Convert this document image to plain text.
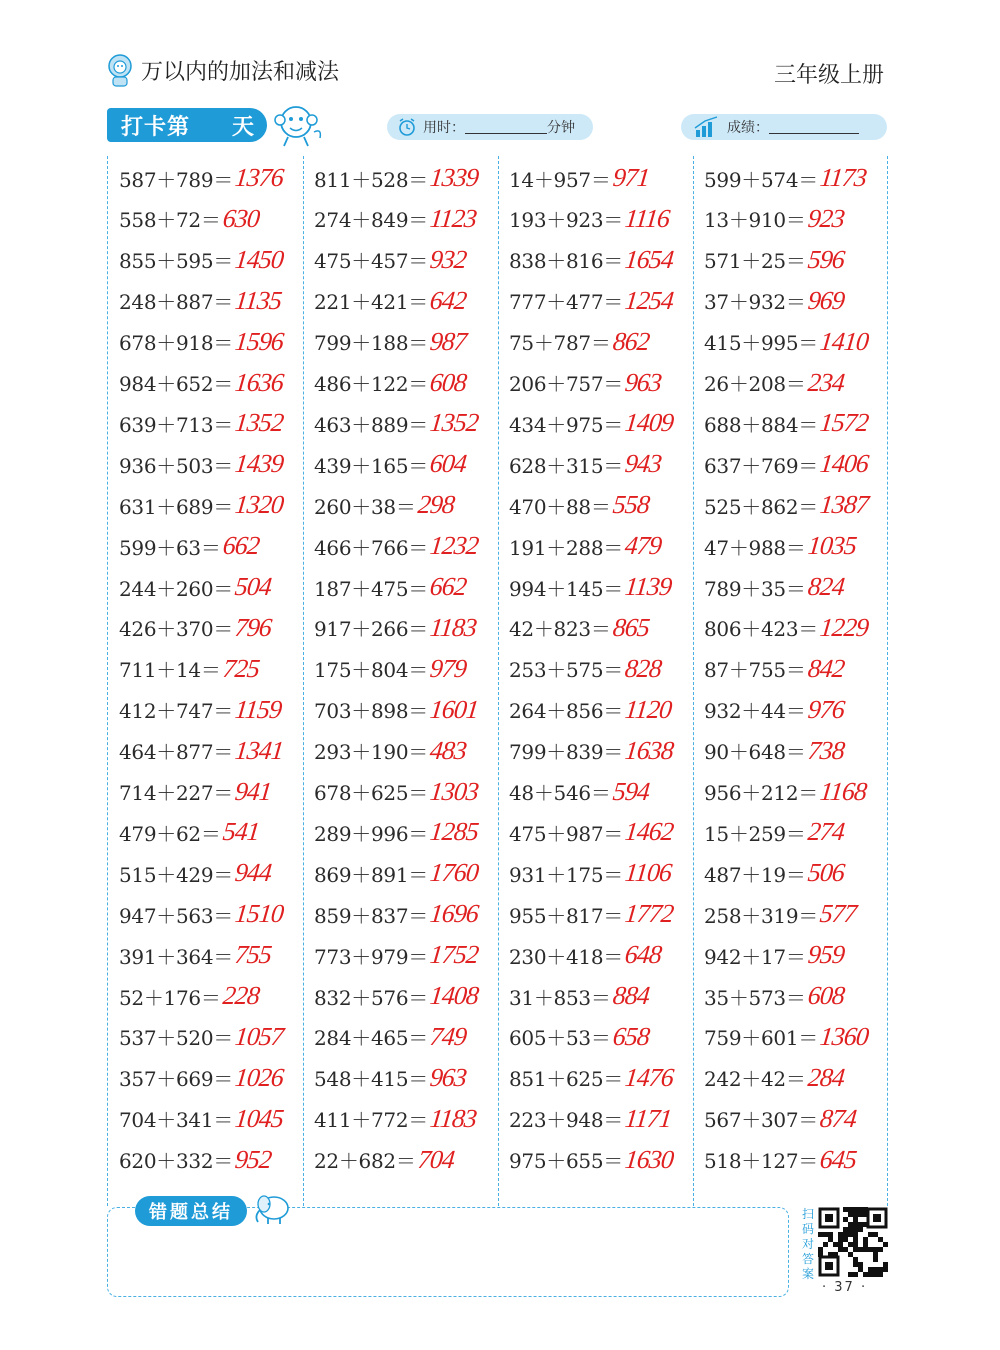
万以内的加法和减法	三年级上册
打卡第 天	用时：	分钟	成绩：
587＋789＝ 1376
558＋72＝ 630
855＋595＝ 1450
248＋887＝ 1135
678＋918＝ 1596
984＋652＝ 1636
639＋713＝ 1352
936＋503＝ 1439
631＋689＝ 1320
599＋63＝ 662
244＋260＝ 504
426＋370＝ 796
711＋14＝ 725
412＋747＝ 1159
464＋877＝ 1341
714＋227＝ 941
479＋62＝ 541
515＋429＝ 944
947＋563＝ 1510
391＋364＝ 755
52＋176＝ 228
537＋520＝ 1057
357＋669＝ 1026
704＋341＝ 1045
620＋332＝ 952
811＋528＝ 1339
274＋849＝ 1123
475＋457＝ 932
221＋421＝ 642
799＋188＝ 987
486＋122＝ 608
463＋889＝ 1352
439＋165＝ 604
260＋38＝ 298
466＋766＝ 1232
187＋475＝ 662
917＋266＝ 1183
175＋804＝ 979
703＋898＝ 1601
293＋190＝ 483
678＋625＝ 1303
289＋996＝ 1285
869＋891＝ 1760
859＋837＝ 1696
773＋979＝ 1752
832＋576＝ 1408
284＋465＝ 749
548＋415＝ 963
411＋772＝ 1183
22＋682＝ 704
14＋957＝ 971
193＋923＝ 1116
838＋816＝ 1654
777＋477＝ 1254
75＋787＝ 862
206＋757＝ 963
434＋975＝ 1409
628＋315＝ 943
470＋88＝ 558
191＋288＝ 479
994＋145＝ 1139
42＋823＝ 865
253＋575＝ 828
264＋856＝ 1120
799＋839＝ 1638
48＋546＝ 594
475＋987＝ 1462
931＋175＝ 1106
955＋817＝ 1772
230＋418＝ 648
31＋853＝ 884
605＋53＝ 658
851＋625＝ 1476
223＋948＝ 1171
975＋655＝ 1630
599＋574＝ 1173
13＋910＝ 923
571＋25＝ 596
37＋932＝ 969
415＋995＝ 1410
26＋208＝ 234
688＋884＝ 1572
637＋769＝ 1406
525＋862＝ 1387
47＋988＝ 1035
789＋35＝ 824
806＋423＝ 1229
87＋755＝ 842
932＋44＝ 976
90＋648＝ 738
956＋212＝ 1168
15＋259＝ 274
487＋19＝ 506
258＋319＝ 577
942＋17＝ 959
35＋573＝ 608
759＋601＝ 1360
242＋42＝ 284
567＋307＝ 874
518＋127＝ 645
错题总结	扫码对答案
· 37 ·
